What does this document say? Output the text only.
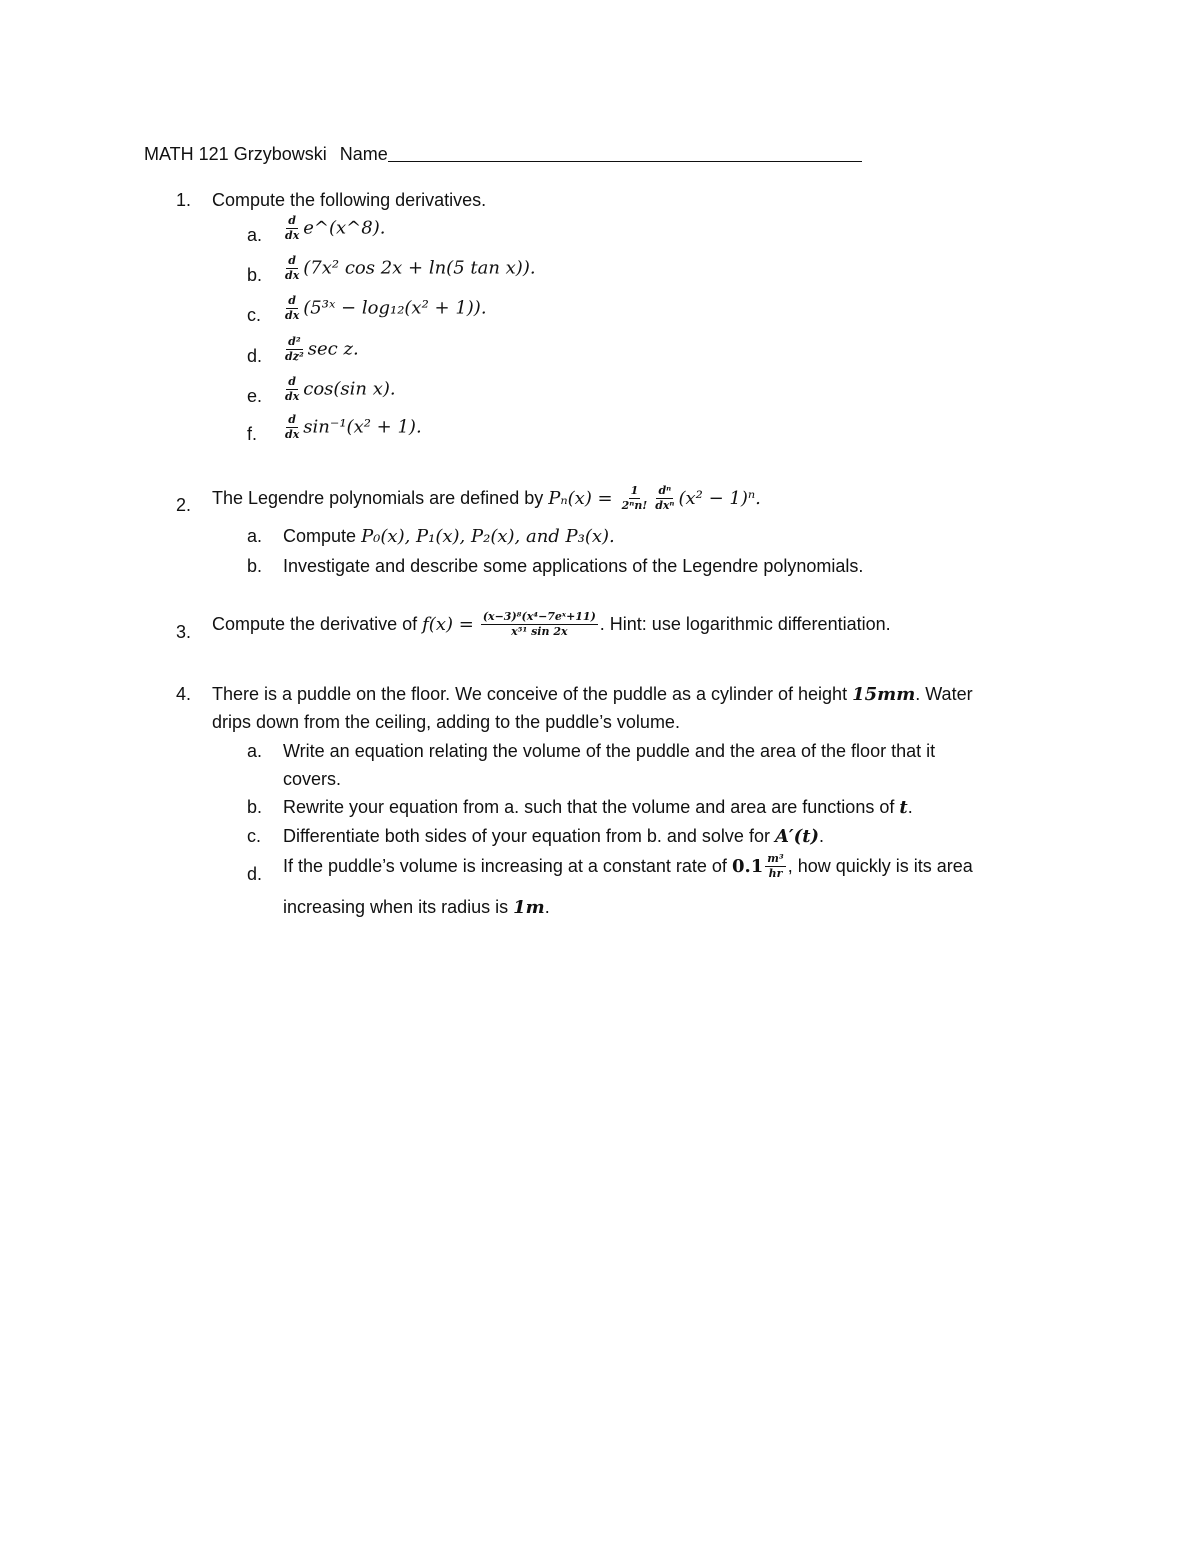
MATH 121 Grzybowski Name
1. Compute the following derivatives.
a. $\frac{d}{dx}$ e^(x^8).
b. $\frac{d}{dx} (7x^2$ cos 2x + ln(5 tan x)).
c. $\frac{d}{dx}$ (5³ˣ − log₁₂(x² + 1)).
d. $\frac{\text{d²}}{\text{dz²}}$ sec z.
e. $\frac{d}{dx} \cos(\sin$ x).
f. $\frac{d}{dx} \sin^{-1}(x^2 + 1)$.
2. The Legendre polynomials are defined by $P_n(x) = \frac{1}{\text{2ⁿn!}} \frac{\text{dⁿ}}{\text{dxⁿ}} (x^2 - 1)^n$.
a. Compute P₀(x), P₁(x), P₂(x), and P₃(x).
b. Investigate and describe some applications of the Legendre polynomials.
3. Compute the derivative of $f(x) = \frac{\text{(x−3)⁸(x⁴−7eˣ+11)}}{\text{x⁵¹ sin 2x}}$ . Hint: use logarithmic differentiation.
4. There is a puddle on the floor. We conceive of the puddle as a cylinder of height 15mm. Water
drips down from the ceiling, adding to the puddle’s volume.
a. Write an equation relating the volume of the puddle and the area of the floor that it
covers.
b. Rewrite your equation from a. such that the volume and area are functions of t.
c. Differentiate both sides of your equation from b. and solve for A′(t).
d. If the puddle’s volume is increasing at a constant rate of $0.1 \frac{\text{m³}}{hr}$ , how quickly is its area
increasing when its radius is 1m.
